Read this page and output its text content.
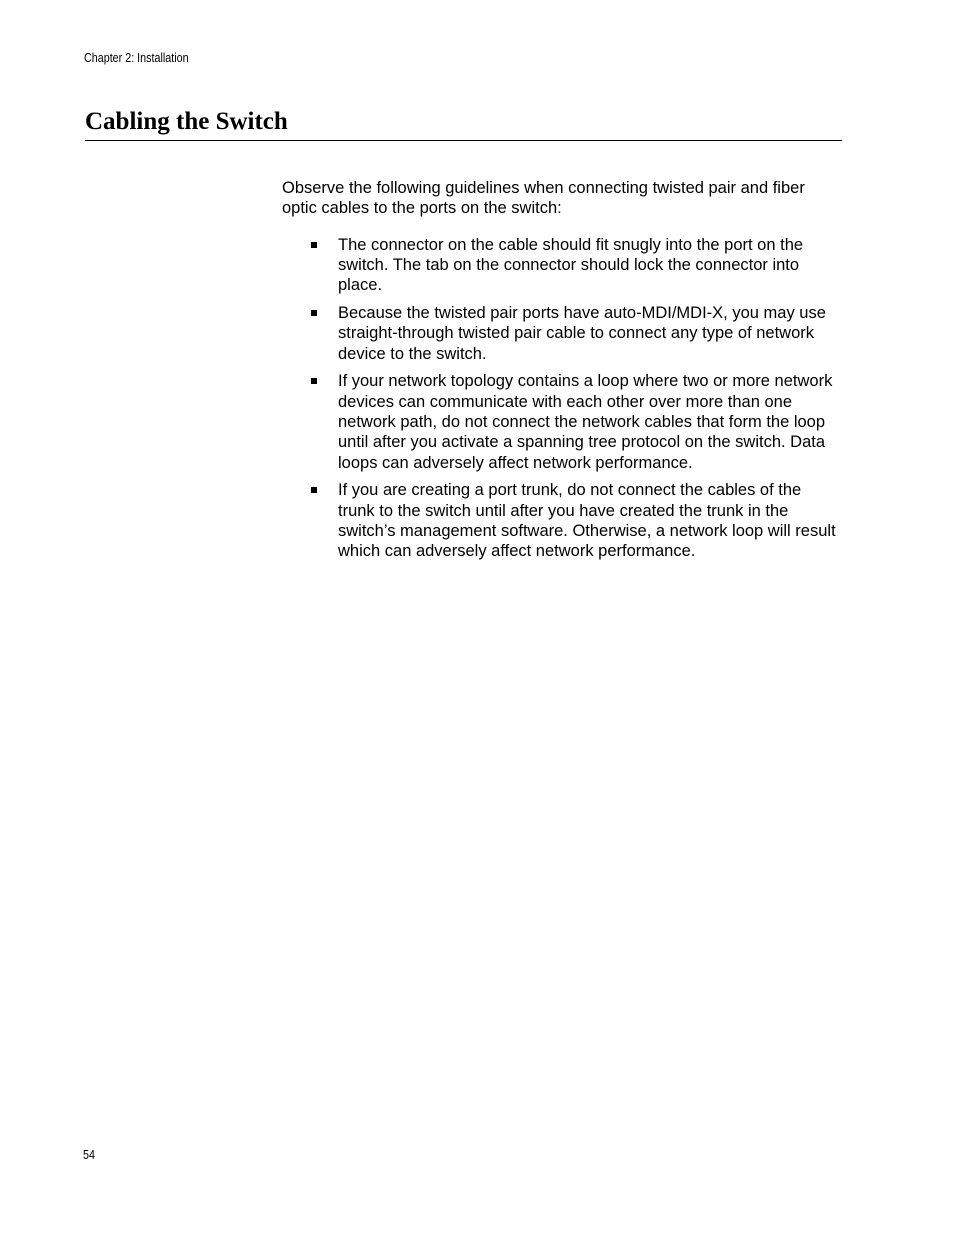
Chapter 2: Installation
Cabling the Switch

Observe the following guidelines when connecting twisted pair and fiber optic cables to the ports on the switch:

The connector on the cable should fit snugly into the port on the switch. The tab on the connector should lock the connector into place.
Because the twisted pair ports have auto-MDI/MDI-X, you may use straight-through twisted pair cable to connect any type of network device to the switch.
If your network topology contains a loop where two or more network devices can communicate with each other over more than one network path, do not connect the network cables that form the loop until after you activate a spanning tree protocol on the switch. Data loops can adversely affect network performance.
If you are creating a port trunk, do not connect the cables of the trunk to the switch until after you have created the trunk in the switch’s management software. Otherwise, a network loop will result which can adversely affect network performance.
54
